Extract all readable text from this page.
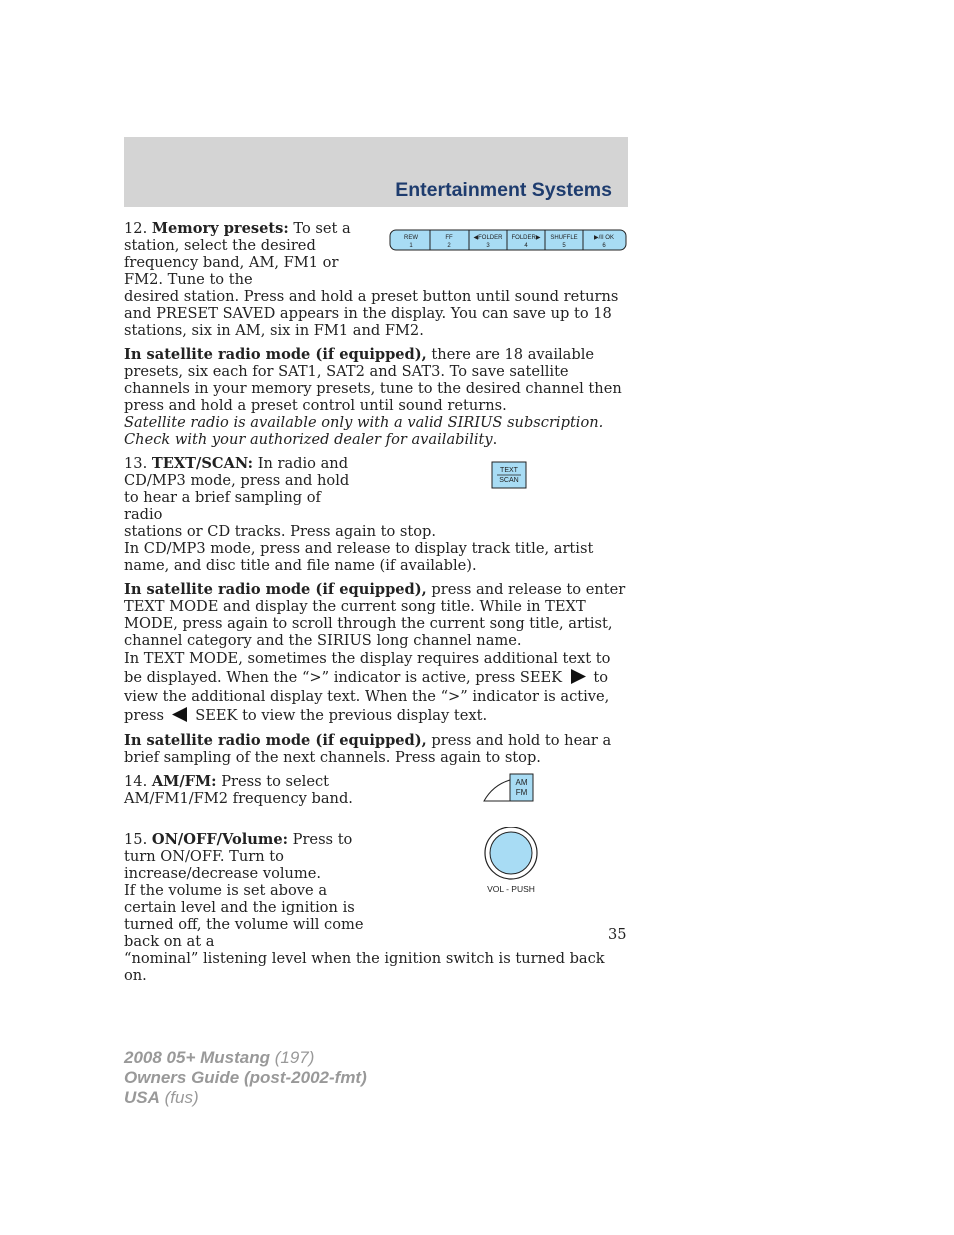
Entertainment Systems
REW
1
FF
2
◀FOLDER
3
FOLDER▶
4
SHUFFLE
5
▶/II OK
6

12. Memory presets: To set a station, select the desired frequency band, AM, FM1 or FM2. Tune to the

desired station. Press and hold a preset button until sound returns and PRESET SAVED appears in the display. You can save up to 18 stations, six in AM, six in FM1 and FM2.

In satellite radio mode (if equipped), there are 18 available presets, six each for SAT1, SAT2 and SAT3. To save satellite channels in your memory presets, tune to the desired channel then press and hold a preset control until sound returns.

Satellite radio is available only with a valid SIRIUS subscription. Check with your authorized dealer for availability.

TEXT
SCAN

13. TEXT/SCAN: In radio and CD/MP3 mode, press and hold to hear a brief sampling of radio

stations or CD tracks. Press again to stop.

In CD/MP3 mode, press and release to display track title, artist name, and disc title and file name (if available).

In satellite radio mode (if equipped), press and release to enter TEXT MODE and display the current song title. While in TEXT MODE, press again to scroll through the current song title, artist, channel category and the SIRIUS long channel name.

In TEXT MODE, sometimes the display requires additional text to be displayed. When the “>” indicator is active, press SEEK to view the additional display text. When the “>” indicator is active, press SEEK to view the previous display text.

In satellite radio mode (if equipped), press and hold to hear a brief sampling of the next channels. Press again to stop.

AM
FM

14. AM/FM: Press to select AM/FM1/FM2 frequency band.

VOL - PUSH

15. ON/OFF/Volume: Press to turn ON/OFF. Turn to increase/decrease volume.

If the volume is set above a certain level and the ignition is turned off, the volume will come back on at a

“nominal” listening level when the ignition switch is turned back on.

35
2008 05+ Mustang (197)
Owners Guide (post-2002-fmt)
USA (fus)
